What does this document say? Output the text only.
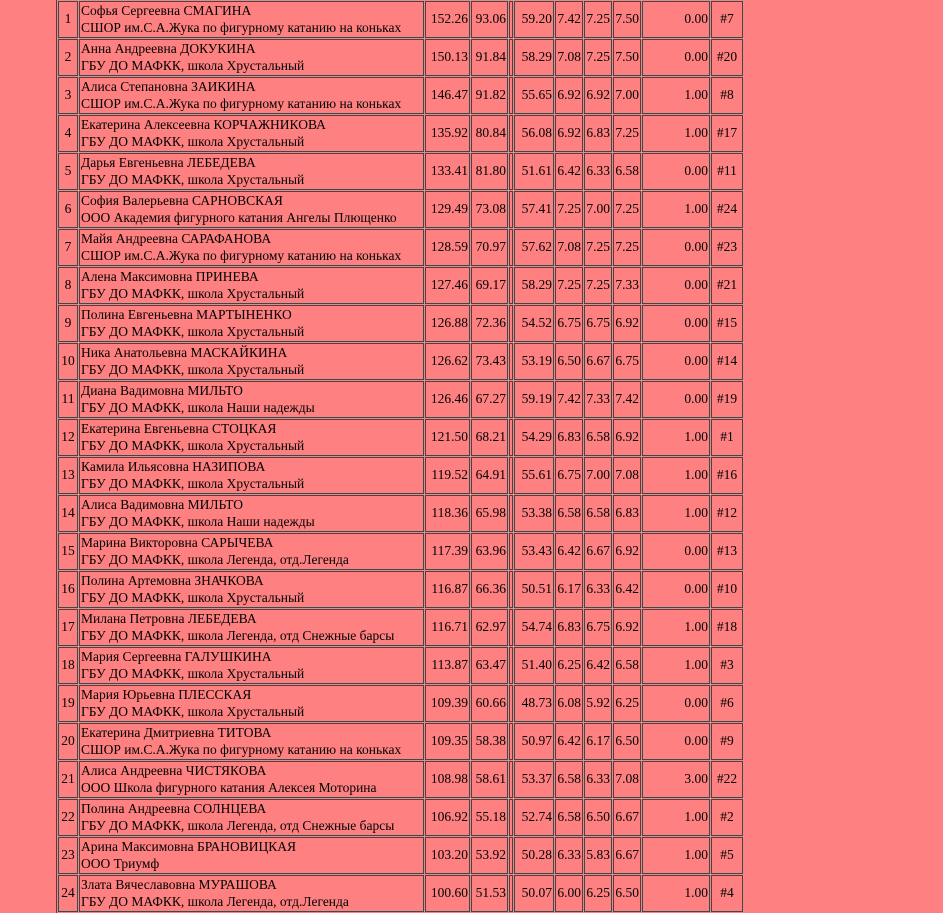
1	Софья Сергеевна СМАГИНА
СШОР им.С.А.Жука по фигурному катанию на коньках	152.26	93.06		59.20	7.42	7.25	7.50	0.00	#7
2	Анна Андреевна ДОКУКИНА
ГБУ ДО МАФКК, школа Хрустальный	150.13	91.84		58.29	7.08	7.25	7.50	0.00	#20
3	Алиса Степановна ЗАИКИНА
СШОР им.С.А.Жука по фигурному катанию на коньках	146.47	91.82		55.65	6.92	6.92	7.00	1.00	#8
4	Екатерина Алексеевна КОРЧАЖНИКОВА
ГБУ ДО МАФКК, школа Хрустальный	135.92	80.84		56.08	6.92	6.83	7.25	1.00	#17
5	Дарья Евгеньевна ЛЕБЕДЕВА
ГБУ ДО МАФКК, школа Хрустальный	133.41	81.80		51.61	6.42	6.33	6.58	0.00	#11
6	София Валерьевна САРНОВСКАЯ
ООО Академия фигурного катания Ангелы Плющенко	129.49	73.08		57.41	7.25	7.00	7.25	1.00	#24
7	Майя Андреевна САРАФАНОВА
СШОР им.С.А.Жука по фигурному катанию на коньках	128.59	70.97		57.62	7.08	7.25	7.25	0.00	#23
8	Алена Максимовна ПРИНЕВА
ГБУ ДО МАФКК, школа Хрустальный	127.46	69.17		58.29	7.25	7.25	7.33	0.00	#21
9	Полина Евгеньевна МАРТЫНЕНКО
ГБУ ДО МАФКК, школа Хрустальный	126.88	72.36		54.52	6.75	6.75	6.92	0.00	#15
10	Ника Анатольевна МАСКАЙКИНА
ГБУ ДО МАФКК, школа Хрустальный	126.62	73.43		53.19	6.50	6.67	6.75	0.00	#14
11	Диана Вадимовна МИЛЬТО
ГБУ ДО МАФКК, школа Наши надежды	126.46	67.27		59.19	7.42	7.33	7.42	0.00	#19
12	Екатерина Евгеньевна СТОЦКАЯ
ГБУ ДО МАФКК, школа Хрустальный	121.50	68.21		54.29	6.83	6.58	6.92	1.00	#1
13	Камила Ильясовна НАЗИПОВА
ГБУ ДО МАФКК, школа Хрустальный	119.52	64.91		55.61	6.75	7.00	7.08	1.00	#16
14	Алиса Вадимовна МИЛЬТО
ГБУ ДО МАФКК, школа Наши надежды	118.36	65.98		53.38	6.58	6.58	6.83	1.00	#12
15	Марина Викторовна САРЫЧЕВА
ГБУ ДО МАФКК, школа Легенда, отд.Легенда	117.39	63.96		53.43	6.42	6.67	6.92	0.00	#13
16	Полина Артемовна ЗНАЧКОВА
ГБУ ДО МАФКК, школа Хрустальный	116.87	66.36		50.51	6.17	6.33	6.42	0.00	#10
17	Милана Петровна ЛЕБЕДЕВА
ГБУ ДО МАФКК, школа Легенда, отд Снежные барсы	116.71	62.97		54.74	6.83	6.75	6.92	1.00	#18
18	Мария Сергеевна ГАЛУШКИНА
ГБУ ДО МАФКК, школа Хрустальный	113.87	63.47		51.40	6.25	6.42	6.58	1.00	#3
19	Мария Юрьевна ПЛЕССКАЯ
ГБУ ДО МАФКК, школа Хрустальный	109.39	60.66		48.73	6.08	5.92	6.25	0.00	#6
20	Екатерина Дмитриевна ТИТОВА
СШОР им.С.А.Жука по фигурному катанию на коньках	109.35	58.38		50.97	6.42	6.17	6.50	0.00	#9
21	Алиса Андреевна ЧИСТЯКОВА
ООО Школа фигурного катания Алексея Моторина	108.98	58.61		53.37	6.58	6.33	7.08	3.00	#22
22	Полина Андреевна СОЛНЦЕВА
ГБУ ДО МАФКК, школа Легенда, отд Снежные барсы	106.92	55.18		52.74	6.58	6.50	6.67	1.00	#2
23	Арина Максимовна БРАНОВИЦКАЯ
ООО Триумф	103.20	53.92		50.28	6.33	5.83	6.67	1.00	#5
24	Злата Вячеславовна МУРАШОВА
ГБУ ДО МАФКК, школа Легенда, отд.Легенда	100.60	51.53		50.07	6.00	6.25	6.50	1.00	#4
